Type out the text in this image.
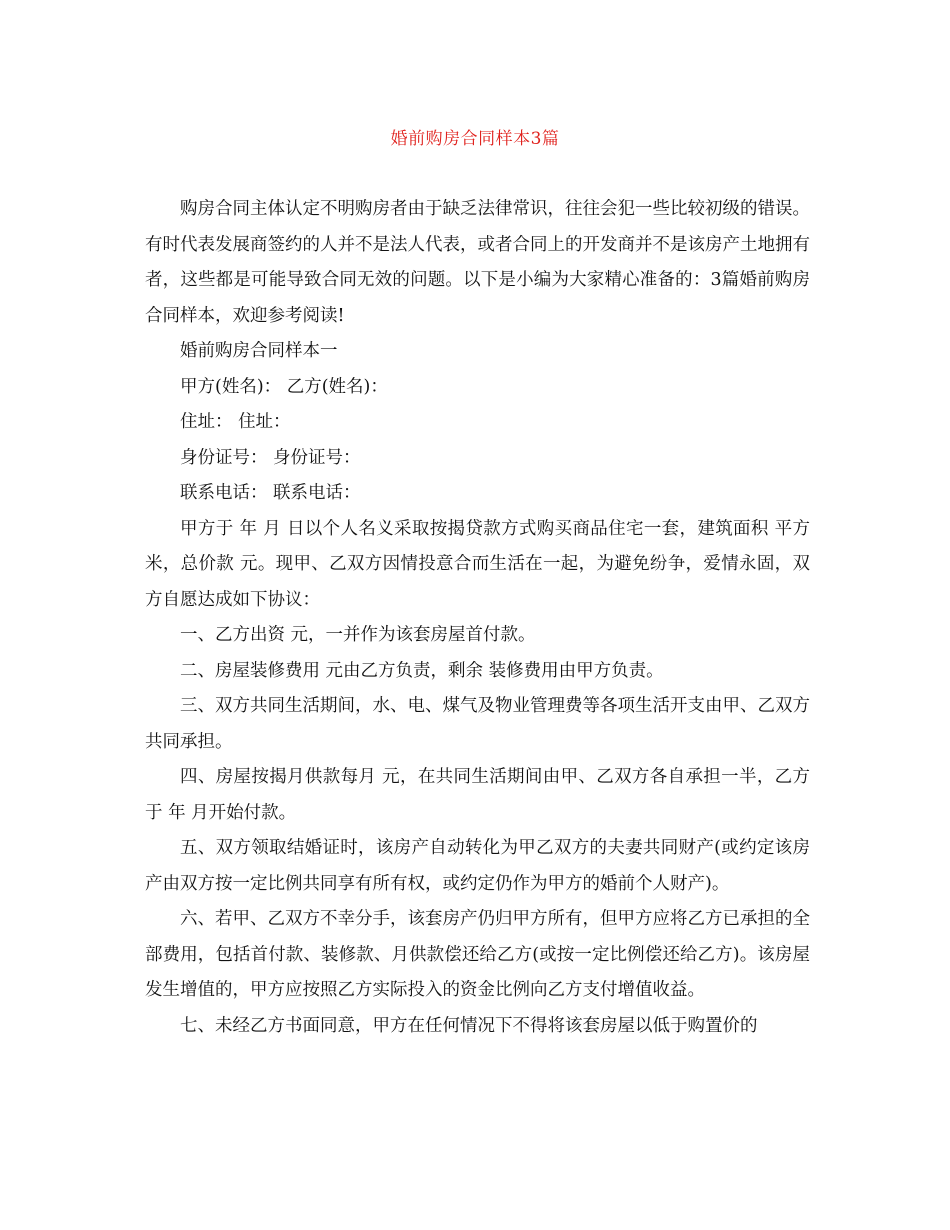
婚前购房合同样本3篇

购房合同主体认定不明购房者由于缺乏法律常识，往往会犯一些比较初级的错误。有时代表发展商签约的人并不是法人代表，或者合同上的开发商并不是该房产土地拥有者，这些都是可能导致合同无效的问题。以下是小编为大家精心准备的：3篇婚前购房合同样本，欢迎参考阅读!

婚前购房合同样本一

甲方(姓名)： 乙方(姓名)：

住址： 住址：

身份证号： 身份证号：

联系电话： 联系电话：

甲方于 年 月 日以个人名义采取按揭贷款方式购买商品住宅一套，建筑面积 平方米，总价款 元。现甲、乙双方因情投意合而生活在一起，为避免纷争，爱情永固，双方自愿达成如下协议：

一、乙方出资 元，一并作为该套房屋首付款。

二、房屋装修费用 元由乙方负责，剩余 装修费用由甲方负责。

三、双方共同生活期间，水、电、煤气及物业管理费等各项生活开支由甲、乙双方共同承担。

四、房屋按揭月供款每月 元，在共同生活期间由甲、乙双方各自承担一半，乙方于 年 月开始付款。

五、双方领取结婚证时，该房产自动转化为甲乙双方的夫妻共同财产(或约定该房产由双方按一定比例共同享有所有权，或约定仍作为甲方的婚前个人财产)。

六、若甲、乙双方不幸分手，该套房产仍归甲方所有，但甲方应将乙方已承担的全部费用，包括首付款、装修款、月供款偿还给乙方(或按一定比例偿还给乙方)。该房屋发生增值的，甲方应按照乙方实际投入的资金比例向乙方支付增值收益。

七、未经乙方书面同意，甲方在任何情况下不得将该套房屋以低于购置价的
